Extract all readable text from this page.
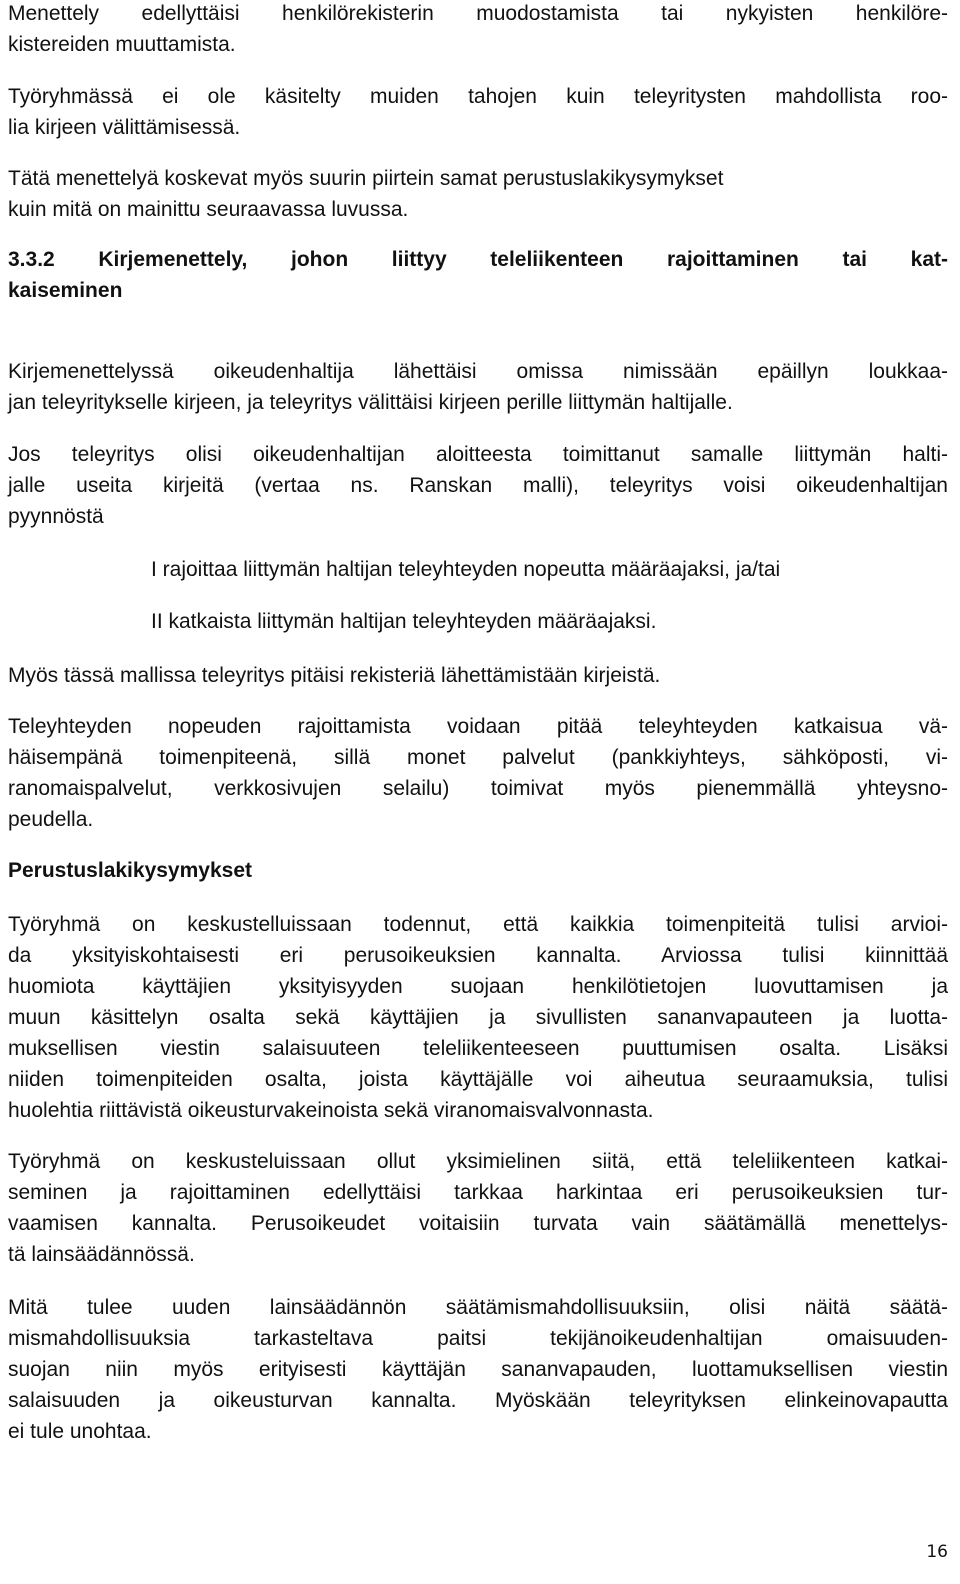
Menettely edellyttäisi henkilörekisterin muodostamista tai nykyisten henkilöre-
kistereiden muuttamista.
Työryhmässä ei ole käsitelty muiden tahojen kuin teleyritysten mahdollista roo-
lia kirjeen välittämisessä.
Tätä menettelyä koskevat myös suurin piirtein samat perustuslakikysymykset
kuin mitä on mainittu seuraavassa luvussa.
3.3.2 Kirjemenettely, johon liittyy teleliikenteen rajoittaminen tai kat-
kaiseminen
Kirjemenettelyssä oikeudenhaltija lähettäisi omissa nimissään epäillyn loukkaa-
jan teleyritykselle kirjeen, ja teleyritys välittäisi kirjeen perille liittymän haltijalle.
Jos teleyritys olisi oikeudenhaltijan aloitteesta toimittanut samalle liittymän halti-
jalle useita kirjeitä (vertaa ns. Ranskan malli), teleyritys voisi oikeudenhaltijan
pyynnöstä
I rajoittaa liittymän haltijan teleyhteyden nopeutta määräajaksi, ja/tai
II katkaista liittymän haltijan teleyhteyden määräajaksi.
Myös tässä mallissa teleyritys pitäisi rekisteriä lähettämistään kirjeistä.
Teleyhteyden nopeuden rajoittamista voidaan pitää teleyhteyden katkaisua vä-
häisempänä toimenpiteenä, sillä monet palvelut (pankkiyhteys, sähköposti, vi-
ranomaispalvelut, verkkosivujen selailu) toimivat myös pienemmällä yhteysno-
peudella.
Perustuslakikysymykset
Työryhmä on keskustelluissaan todennut, että kaikkia toimenpiteitä tulisi arvioi-
da yksityiskohtaisesti eri perusoikeuksien kannalta. Arviossa tulisi kiinnittää
huomiota käyttäjien yksityisyyden suojaan henkilötietojen luovuttamisen ja
muun käsittelyn osalta sekä käyttäjien ja sivullisten sananvapauteen ja luotta-
muksellisen viestin salaisuuteen teleliikenteeseen puuttumisen osalta. Lisäksi
niiden toimenpiteiden osalta, joista käyttäjälle voi aiheutua seuraamuksia, tulisi
huolehtia riittävistä oikeusturvakeinoista sekä viranomaisvalvonnasta.
Työryhmä on keskusteluissaan ollut yksimielinen siitä, että teleliikenteen katkai-
seminen ja rajoittaminen edellyttäisi tarkkaa harkintaa eri perusoikeuksien tur-
vaamisen kannalta. Perusoikeudet voitaisiin turvata vain säätämällä menettelys-
tä lainsäädännössä.
Mitä tulee uuden lainsäädännön säätämismahdollisuuksiin, olisi näitä säätä-
mismahdollisuuksia tarkasteltava paitsi tekijänoikeudenhaltijan omaisuuden-
suojan niin myös erityisesti käyttäjän sananvapauden, luottamuksellisen viestin
salaisuuden ja oikeusturvan kannalta. Myöskään teleyrityksen elinkeinovapautta
ei tule unohtaa.
16
